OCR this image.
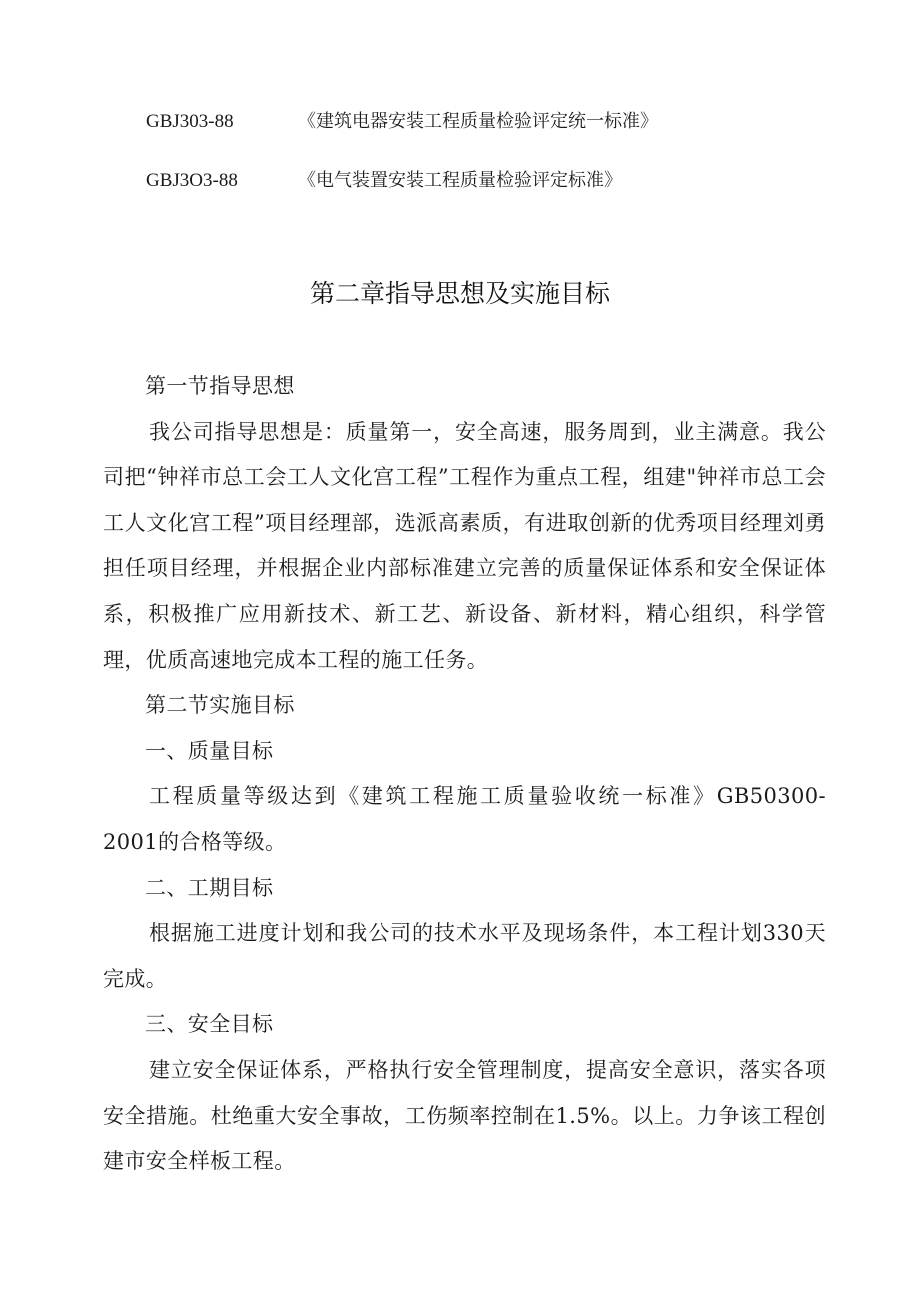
GBJ303-88	《建筑电器安装工程质量检验评定统一标准》
GBJ3O3-88	《电气装置安装工程质量检验评定标准》
第二章指导思想及实施目标

第一节指导思想

我公司指导思想是：质量第一，安全高速，服务周到，业主满意。我公司把“钟祥市总工会工人文化宫工程”工程作为重点工程，组建"钟祥市总工会工人文化宫工程”项目经理部，选派高素质，有进取创新的优秀项目经理刘勇担任项目经理，并根据企业内部标准建立完善的质量保证体系和安全保证体系，积极推广应用新技术、新工艺、新设备、新材料，精心组织，科学管理，优质高速地完成本工程的施工任务。

第二节实施目标

一、质量目标

工程质量等级达到《建筑工程施工质量验收统一标准》GB50300-2001的合格等级。

二、工期目标

根据施工进度计划和我公司的技术水平及现场条件，本工程计划330天完成。

三、安全目标

建立安全保证体系，严格执行安全管理制度，提高安全意识，落实各项安全措施。杜绝重大安全事故，工伤频率控制在1.5%。以上。力争该工程创建市安全样板工程。
